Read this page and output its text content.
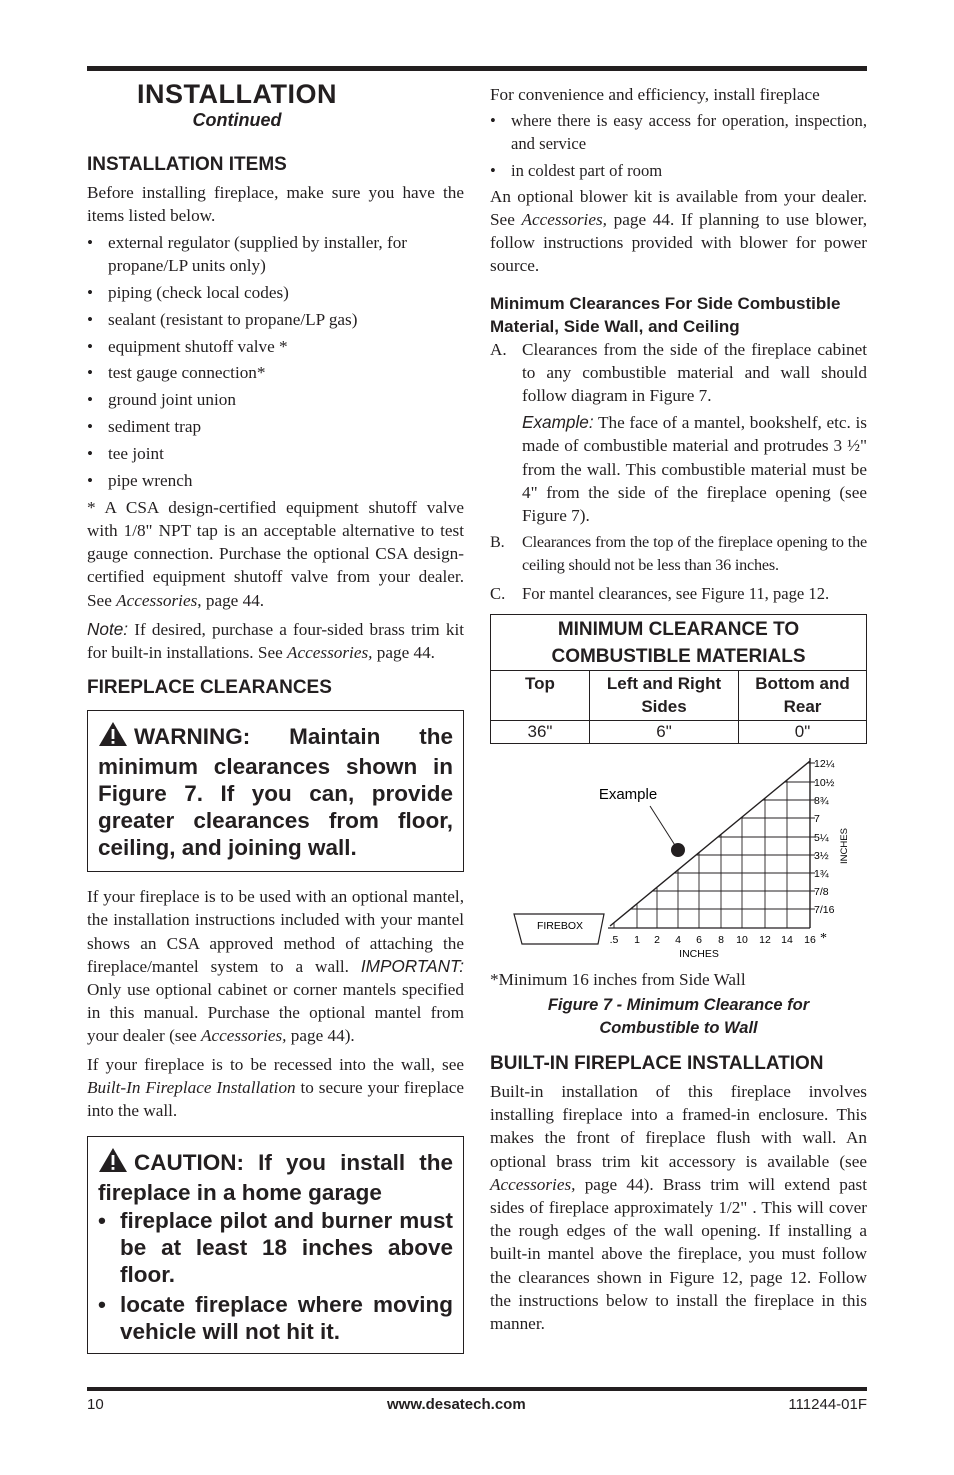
INSTALLATION
Continued
INSTALLATION ITEMS

Before installing fireplace, make sure you have the items listed below.

• external regulator (supplied by installer, for propane/LP units only)
• piping (check local codes)
• sealant (resistant to propane/LP gas)
• equipment shutoff valve *
• test gauge connection*
• ground joint union
• sediment trap
• tee joint
• pipe wrench

* A CSA design-certified equipment shutoff valve with 1/8" NPT tap is an acceptable alternative to test gauge connection. Purchase the optional CSA design-certified equipment shutoff valve from your dealer. See Accessories, page 44.

Note: If desired, purchase a four-sided brass trim kit for built-in installations. See Accessories, page 44.

FIREPLACE CLEARANCES
WARNING: Maintain the minimum clearances shown in Figure 7. If you can, provide greater clearances from floor, ceiling, and joining wall.

If your fireplace is to be used with an optional mantel, the installation instructions included with your mantel shows an CSA approved method of attaching the fireplace/mantel system to a wall. IMPORTANT: Only use optional cabinet or corner mantels specified in this manual. Purchase the optional mantel from your dealer (see Accessories, page 44).

If your fireplace is to be recessed into the wall, see Built-In Fireplace Installation to secure your fireplace into the wall.

CAUTION: If you install the fireplace in a home garage
• fireplace pilot and burner must be at least 18 inches above floor.
• locate fireplace where moving vehicle will not hit it.

For convenience and efficiency, install fireplace

• where there is easy access for operation, inspection, and service
• in coldest part of room

An optional blower kit is available from your dealer. See Accessories, page 44. If planning to use blower, follow instructions provided with blower for power source.

Minimum Clearances For Side Combustible Material, Side Wall, and Ceiling
A. Clearances from the side of the fireplace cabinet to any combustible material and wall should follow diagram in Figure 7.
Example: The face of a mantel, bookshelf, etc. is made of combustible material and protrudes 3 ½" from the wall. This combustible material must be 4" from the side of the fireplace opening (see Figure 7).
B. Clearances from the top of the fireplace opening to the ceiling should not be less than 36 inches.
C. For mantel clearances, see Figure 11, page 12.
MINIMUM CLEARANCE TO COMBUSTIBLE MATERIALS		
Top	Left and Right Sides	Bottom and Rear
36"	6"	0"
12¼
10½
8¾
7
5¼
3½
1¾
7/8
7/16
.5 1 2 4 6 8 10 12 14 16 *
INCHES
INCHES
FIREBOX
Example

*Minimum 16 inches from Side Wall

Figure 7 - Minimum Clearance for Combustible to Wall
BUILT-IN FIREPLACE INSTALLATION

Built-in installation of this fireplace involves installing fireplace into a framed-in enclosure. This makes the front of fireplace flush with wall. An optional brass trim kit accessory is available (see Accessories, page 44). Brass trim will extend past sides of fireplace approximately 1/2" . This will cover the rough edges of the wall opening. If installing a built-in mantel above the fireplace, you must follow the clearances shown in Figure 12, page 12. Follow the instructions below to install the fireplace in this manner.

10	www.desatech.com	111244-01F
